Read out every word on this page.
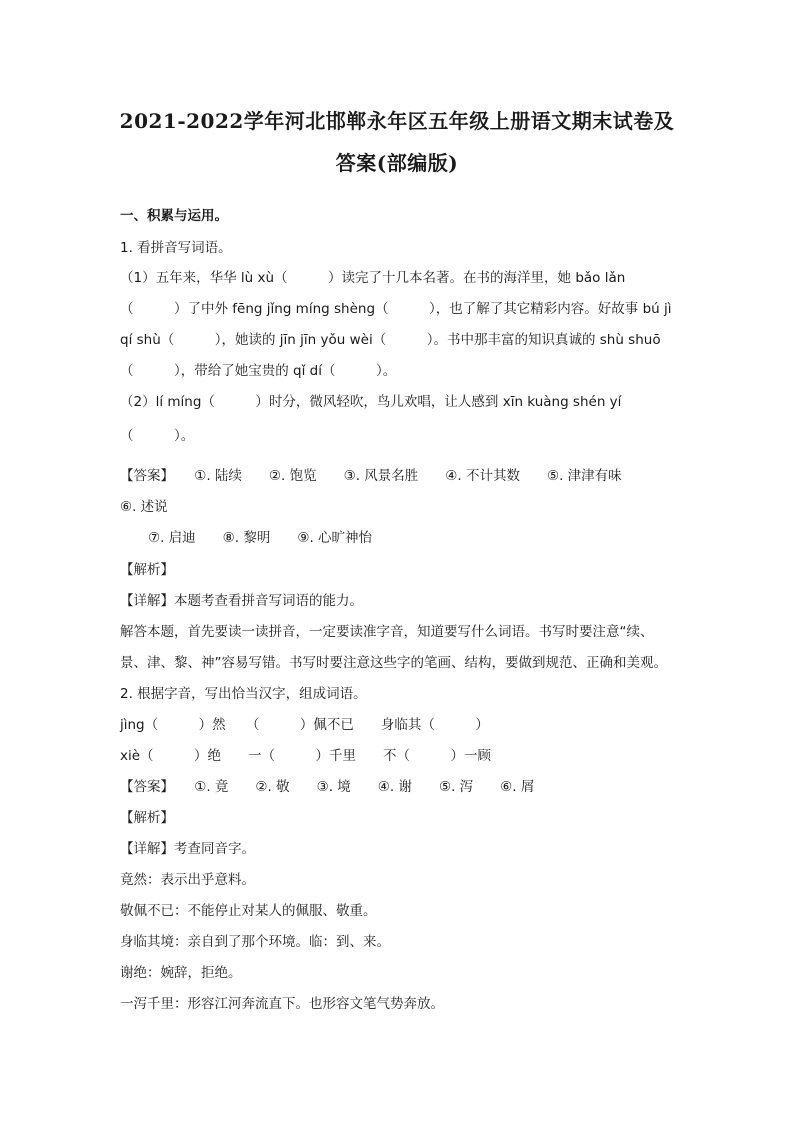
2021-2022学年河北邯郸永年区五年级上册语文期末试卷及
答案(部编版)
一、积累与运用。
1. 看拼音写词语。
（1）五年来，华华 lù xù（　　　）读完了十几本名著。在书的海洋里，她 bǎo lǎn
（　　　）了中外 fēng jǐng míng shèng（　　　），也了解了其它精彩内容。好故事 bú jì
qí shù（　　　），她读的 jīn jīn yǒu wèi（　　　）。书中那丰富的知识真诚的 shù shuō
（　　　），带给了她宝贵的 qǐ dí（　　　）。
（2）lí míng（　　　）时分，微风轻吹，鸟儿欢唱，让人感到 xīn kuàng shén yí
（　　　）。
【答案】　　①. 陆续　　②. 饱览　　③. 风景名胜　　④. 不计其数　　⑤. 津津有味
⑥. 述说
⑦. 启迪　　⑧. 黎明　　⑨. 心旷神怡
【解析】
【详解】本题考查看拼音写词语的能力。
解答本题，首先要读一读拼音，一定要读准字音，知道要写什么词语。书写时要注意“续、
景、津、黎、神”容易写错。书写时要注意这些字的笔画、结构，要做到规范、正确和美观。
2. 根据字音，写出恰当汉字，组成词语。
jìng（　　　）然　　（　　　）佩不已　　身临其（　　　）
xiè（　　　）绝　　一（　　　）千里　　不（　　　）一顾
【答案】　　①. 竟　　②. 敬　　③. 境　　④. 谢　　⑤. 泻　　⑥. 屑
【解析】
【详解】考查同音字。
竟然：表示出乎意料。
敬佩不已：不能停止对某人的佩服、敬重。
身临其境：亲自到了那个环境。临：到、来。
谢绝：婉辞，拒绝。
一泻千里：形容江河奔流直下。也形容文笔气势奔放。
